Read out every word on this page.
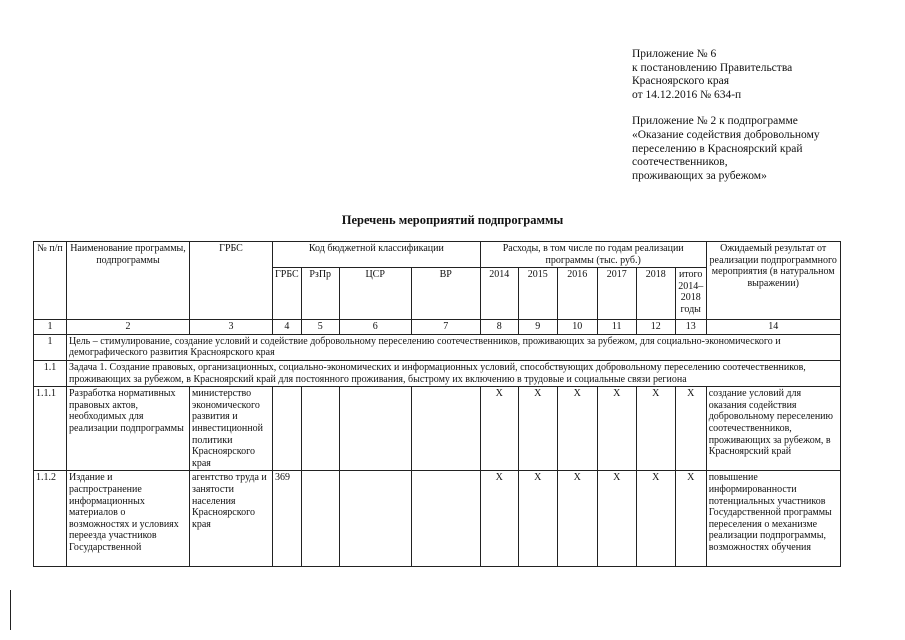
Приложение № 6
к постановлению Правительства
Красноярского края
от 14.12.2016 № 634-п
Приложение № 2 к подпрограмме
«Оказание содействия добровольному
переселению в Красноярский край
соотечественников,
проживающих за рубежом»
Перечень мероприятий подпрограммы
№ п/п	Наименование программы, подпрограммы	ГРБС	Код бюджетной классификации				Расходы, в том числе по годам реализации программы (тыс. руб.)						Ожидаемый результат от реализации подпрограммного мероприятия (в натуральном выражении)
			ГРБС	РзПр	ЦСР	ВР	2014	2015	2016	2017	2018	итого 2014–2018 годы	
1	2	3	4	5	6	7	8	9	10	11	12	13	14
1	Цель – стимулирование, создание условий и содействие добровольному переселению соотечественников, проживающих за рубежом, для социально-экономического и демографического развития Красноярского края												
1.1	Задача 1. Создание правовых, организационных, социально-экономических и информационных условий, способствующих добровольному переселению соотечественников, проживающих за рубежом, в Красноярский край для постоянного проживания, быстрому их включению в трудовые и социальные связи региона												
1.1.1	Разработка нормативных правовых актов, необходимых для реализации подпрограммы	министерство экономического развития и инвестиционной политики Красноярского края					X	X	X	X	X	X	создание условий для оказания содействия добровольному переселению соотечественников, проживающих за рубежом, в Красноярский край
1.1.2	Издание и распространение информационных материалов о возможностях и условиях переезда участников Государственной	агентство труда и занятости населения Красноярского края	369				X	X	X	X	X	X	повышение информированности потенциальных участников Государственной программы переселения о механизме реализации подпрограммы, возможностях обучения
